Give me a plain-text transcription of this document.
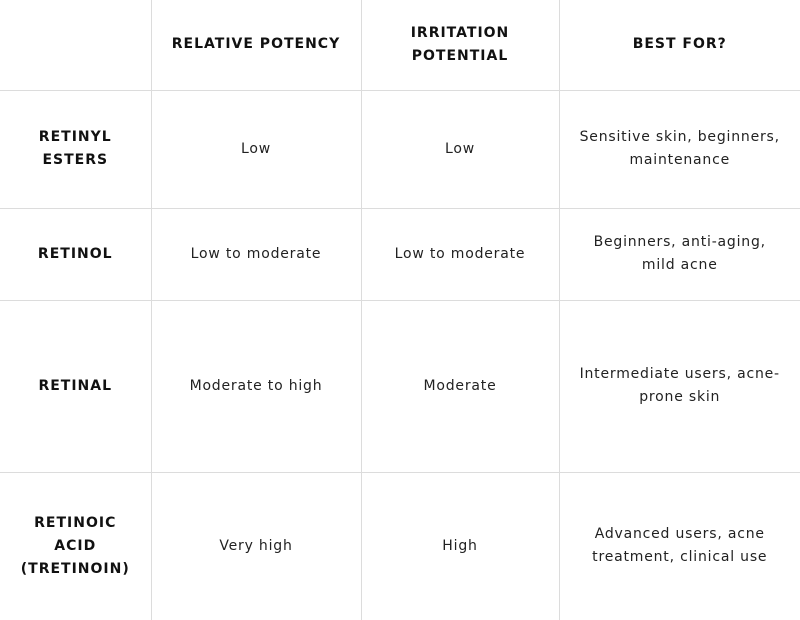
	RELATIVE POTENCY	IRRITATION POTENTIAL	BEST FOR?
RETINYL ESTERS	Low	Low	Sensitive skin, beginners, maintenance
RETINOL	Low to moderate	Low to moderate	Beginners, anti-aging, mild acne
RETINAL	Moderate to high	Moderate	Intermediate users, acne-prone skin
RETINOIC ACID (TRETINOIN)	Very high	High	Advanced users, acne treatment, clinical use
